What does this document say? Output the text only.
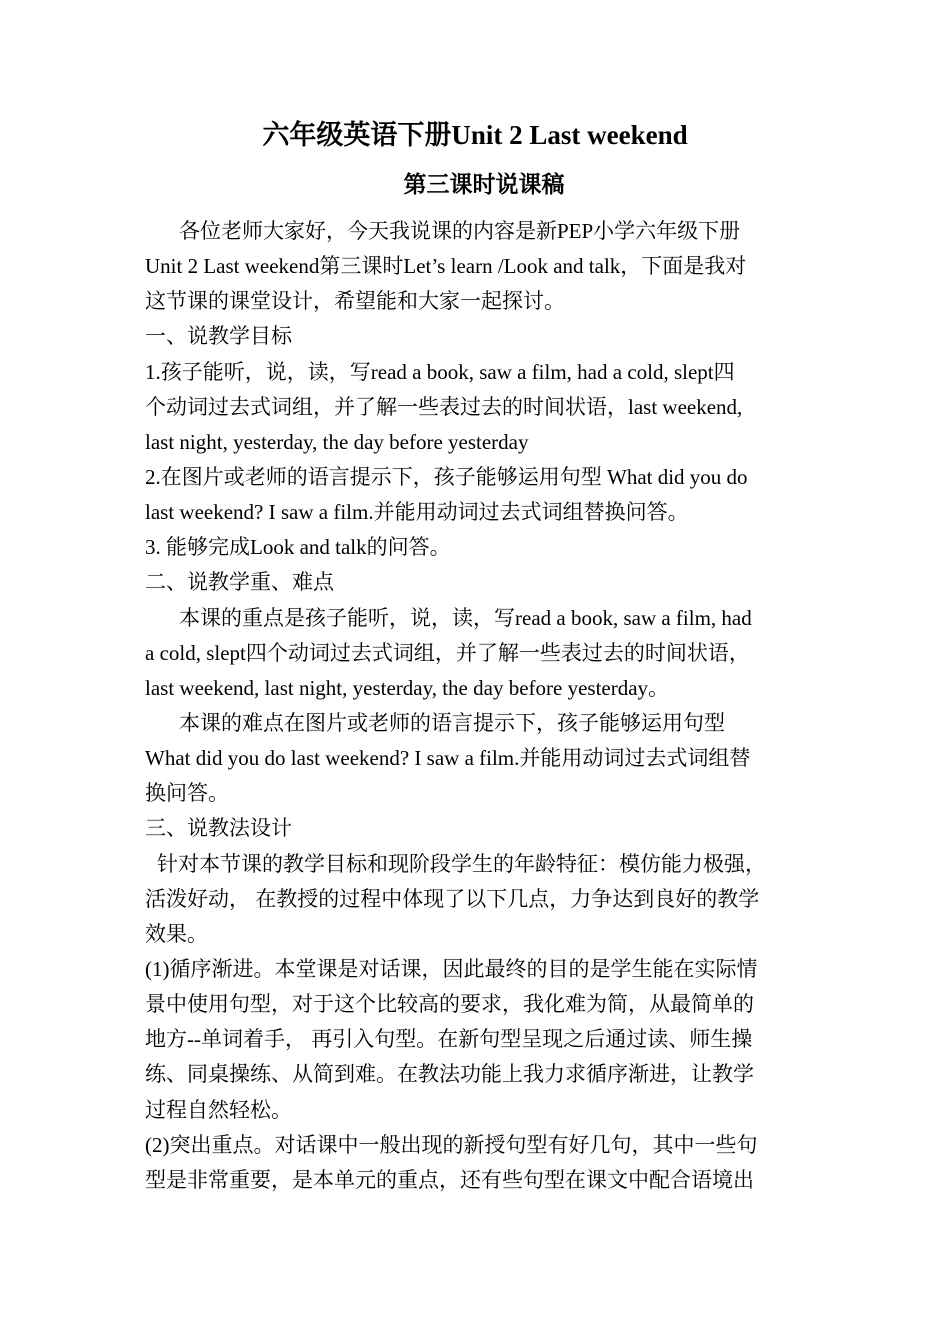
六年级英语下册Unit 2 Last weekend
第三课时说课稿
各位老师大家好，今天我说课的内容是新PEP小学六年级下册
Unit 2 Last weekend第三课时Let’s learn /Look and talk，下面是我对
这节课的课堂设计，希望能和大家一起探讨。
一、说教学目标
1.孩子能听，说，读，写read a book, saw a film, had a cold, slept四
个动词过去式词组，并了解一些表过去的时间状语，last weekend,
last night, yesterday, the day before yesterday
2.在图片或老师的语言提示下，孩子能够运用句型 What did you do
last weekend? I saw a film.并能用动词过去式词组替换问答。
3. 能够完成Look and talk的问答。
二、说教学重、难点
本课的重点是孩子能听，说，读，写read a book, saw a film, had
a cold, slept四个动词过去式词组，并了解一些表过去的时间状语，
last weekend, last night, yesterday, the day before yesterday。
本课的难点在图片或老师的语言提示下，孩子能够运用句型
What did you do last weekend? I saw a film.并能用动词过去式词组替
换问答。
三、说教法设计
针对本节课的教学目标和现阶段学生的年龄特征：模仿能力极强，
活泼好动， 在教授的过程中体现了以下几点，力争达到良好的教学
效果。
(1)循序渐进。本堂课是对话课，因此最终的目的是学生能在实际情
景中使用句型，对于这个比较高的要求，我化难为简，从最简单的
地方--单词着手， 再引入句型。在新句型呈现之后通过读、师生操
练、同桌操练、从简到难。在教法功能上我力求循序渐进，让教学
过程自然轻松。
(2)突出重点。对话课中一般出现的新授句型有好几句，其中一些句
型是非常重要，是本单元的重点，还有些句型在课文中配合语境出
